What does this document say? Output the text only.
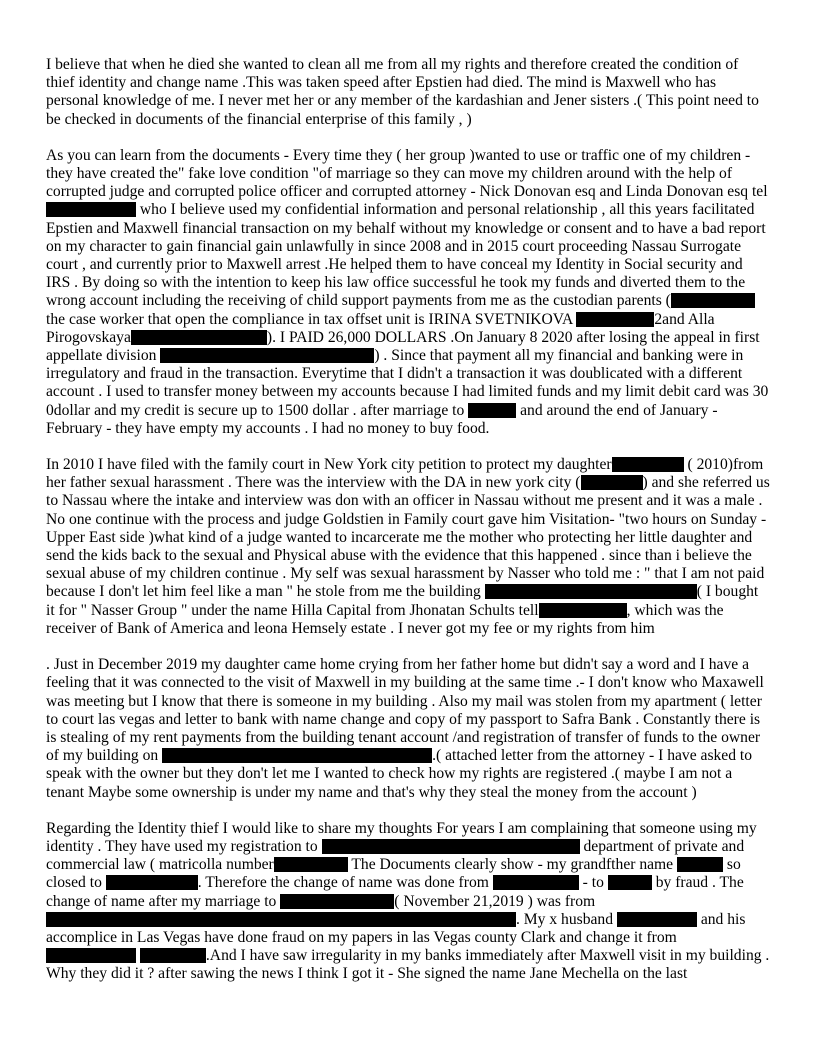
I believe that when he died she wanted to clean all me from all my rights and therefore created the condition of thief identity and change name .This was taken speed after Epstien had died. The mind is Maxwell who has personal knowledge of me. I never met her or any member of the kardashian and Jener sisters .( This point need to be checked in documents of the financial enterprise of this family , )

As you can learn from the documents - Every time they ( her group )wanted to use or traffic one of my children - they have created the" fake love condition "of marriage so they can move my children around with the help of corrupted judge and corrupted police officer and corrupted attorney - Nick Donovan esq and Linda Donovan esq tel who I believe used my confidential information and personal relationship , all this years facilitated Epstien and Maxwell financial transaction on my behalf without my knowledge or consent and to have a bad report on my character to gain financial gain unlawfully in since 2008 and in 2015 court proceeding Nassau Surrogate court , and currently prior to Maxwell arrest .He helped them to have conceal my Identity in Social security and IRS . By doing so with the intention to keep his law office successful he took my funds and diverted them to the wrong account including the receiving of child support payments from me as the custodian parents ( the case worker that open the compliance in tax offset unit is IRINA SVETNIKOVA	2and Alla Pirogovskaya	). I PAID 26,000 DOLLARS .On January 8 2020 after losing the appeal in first appellate division	) . Since that payment all my financial and banking were in irregulatory and fraud in the transaction. Everytime that I didn't a transaction it was doublicated with a different account . I used to transfer money between my accounts because I had limited funds and my limit debit card was 30 0dollar and my credit is secure up to 1500 dollar . after marriage to	and around the end of January - February - they have empty my accounts . I had no money to buy food.

In 2010 I have filed with the family court in New York city petition to protect my daughter	( 2010)from her father sexual harassment . There was the interview with the DA in new york city (	) and she referred us to Nassau where the intake and interview was don with an officer in Nassau without me present and it was a male . No one continue with the process and judge Goldstien in Family court gave him Visitation- "two hours on Sunday - Upper East side )what kind of a judge wanted to incarcerate me the mother who protecting her little daughter and send the kids back to the sexual and Physical abuse with the evidence that this happened . since than i believe the sexual abuse of my children continue . My self was sexual harassment by Nasser who told me : " that I am not paid because I don't let him feel like a man " he stole from me the building	( I bought it for " Nasser Group " under the name Hilla Capital from Jhonatan Schults tell	, which was the receiver of Bank of America and leona Hemsely estate . I never got my fee or my rights from him

. Just in December 2019 my daughter came home crying from her father home but didn't say a word and I have a feeling that it was connected to the visit of Maxwell in my building at the same time .- I don't know who Maxawell was meeting but I know that there is someone in my building . Also my mail was stolen from my apartment ( letter to court las vegas and letter to bank with name change and copy of my passport to Safra Bank . Constantly there is is stealing of my rent payments from the building tenant account /and registration of transfer of funds to the owner of my building on	.( attached letter from the attorney - I have asked to speak with the owner but they don't let me I wanted to check how my rights are registered .( maybe I am not a tenant Maybe some ownership is under my name and that's why they steal the money from the account )

Regarding the Identity thief I would like to share my thoughts For years I am complaining that someone using my identity . They have used my registration to	department of private and commercial law ( matricolla number	The Documents clearly show - my grandfther name	so closed to	. Therefore the change of name was done from	- to	by fraud . The change of name after my marriage to	( November 21,2019 ) was from . My x husband	and his accomplice in Las Vegas have done fraud on my papers in las Vegas county Clark and change it from  .And I have saw irregularity in my banks immediately after Maxwell visit in my building . Why they did it ? after sawing the news I think I got it - She signed the name Jane Mechella on the last
